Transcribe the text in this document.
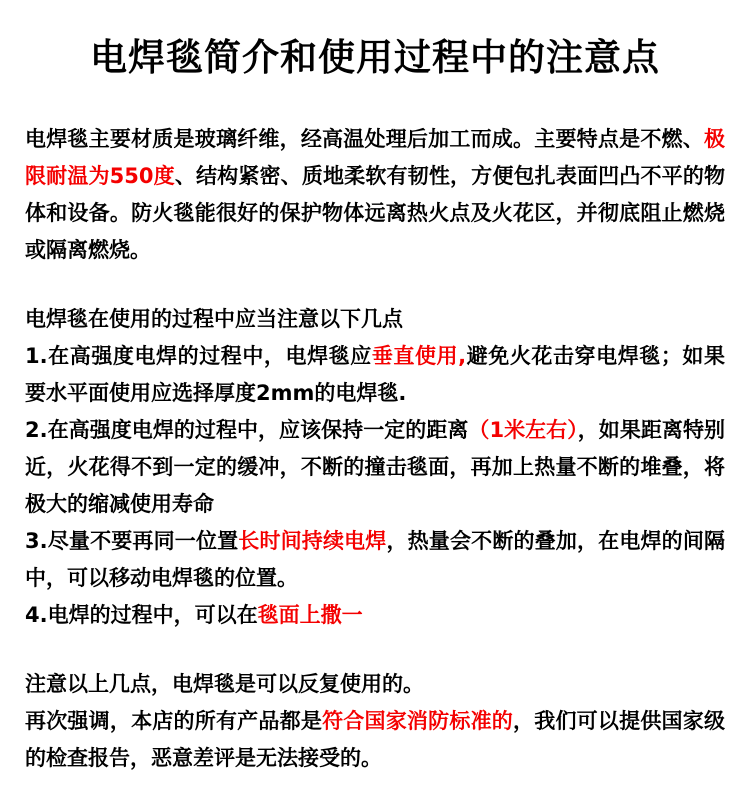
电焊毯简介和使用过程中的注意点

电焊毯主要材质是玻璃纤维，经高温处理后加工而成。主要特点是不燃、极限耐温为550度、结构紧密、质地柔软有韧性，方便包扎表面凹凸不平的物体和设备。防火毯能很好的保护物体远离热火点及火花区，并彻底阻止燃烧或隔离燃烧。

电焊毯在使用的过程中应当注意以下几点

1.在高强度电焊的过程中，电焊毯应垂直使用,避免火花击穿电焊毯；如果要水平面使用应选择厚度2mm的电焊毯.

2.在高强度电焊的过程中，应该保持一定的距离（1米左右），如果距离特别近，火花得不到一定的缓冲，不断的撞击毯面，再加上热量不断的堆叠，将极大的缩减使用寿命

3.尽量不要再同一位置长时间持续电焊，热量会不断的叠加，在电焊的间隔中，可以移动电焊毯的位置。

4.电焊的过程中，可以在毯面上撒一

注意以上几点，电焊毯是可以反复使用的。

再次强调，本店的所有产品都是符合国家消防标准的，我们可以提供国家级的检查报告，恶意差评是无法接受的。
